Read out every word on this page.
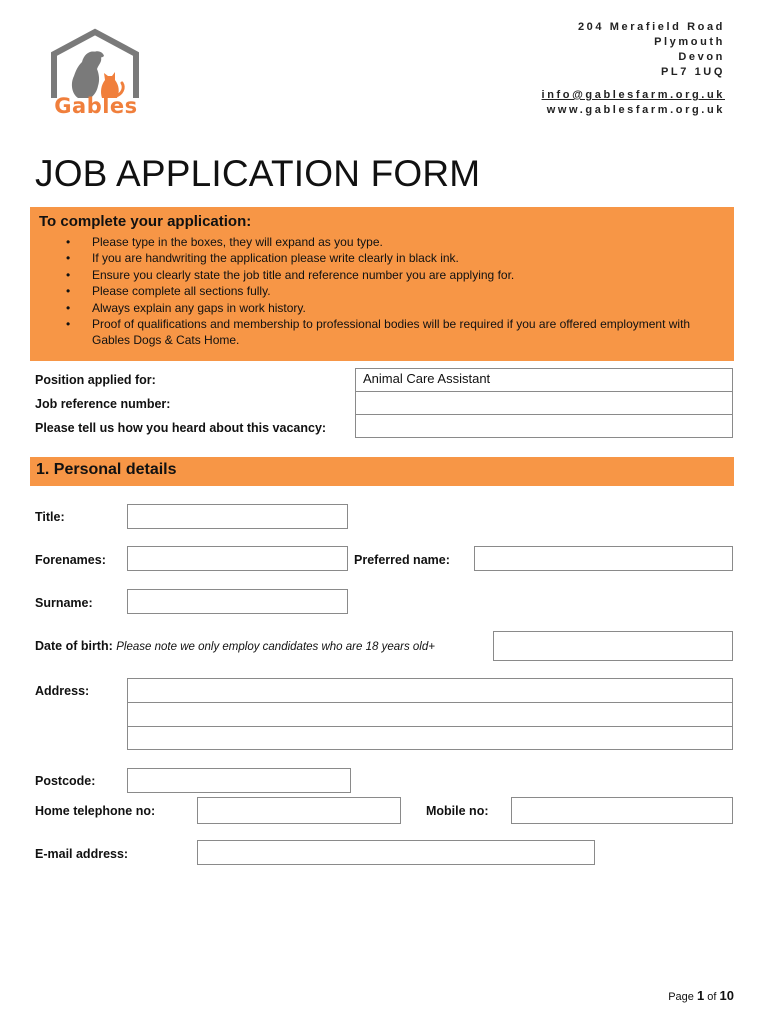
Gables
204 Merafield Road
Plymouth
Devon
PL7 1UQ
info@gablesfarm.org.uk
www.gablesfarm.org.uk
JOB APPLICATION FORM
To complete your application:
• Please type in the boxes, they will expand as you type.
• If you are handwriting the application please write clearly in black ink.
• Ensure you clearly state the job title and reference number you are applying for.
• Please complete all sections fully.
• Always explain any gaps in work history.
• Proof of qualifications and membership to professional bodies will be required if you are offered employment with Gables Dogs & Cats Home.
Position applied for:	Animal Care Assistant
Job reference number:
Please tell us how you heard about this vacancy:
1. Personal details
Title:
Forenames:	Preferred name:
Surname:
Date of birth: Please note we only employ candidates who are 18 years old+
Address:
Postcode:
Home telephone no:	Mobile no:
E-mail address:
Page 1 of 10
